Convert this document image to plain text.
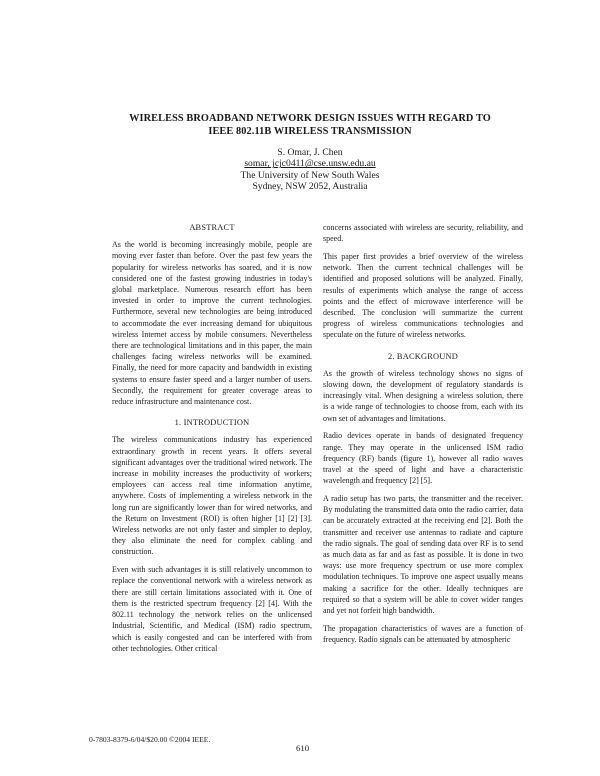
WIRELESS BROADBAND NETWORK DESIGN ISSUES WITH REGARD TO
IEEE 802.11B WIRELESS TRANSMISSION
S. Omar, J. Chen
somar, jcjc0411@cse.unsw.edu.au
The University of New South Wales
Sydney, NSW 2052, Australia
ABSTRACT

As the world is becoming increasingly mobile, people are moving ever faster than before. Over the past few years the popularity for wireless networks has soared, and it is now considered one of the fastest growing industries in today's global marketplace. Numerous research effort has been invested in order to improve the current technologies. Furthermore, several new technologies are being introduced to accommodate the ever increasing demand for ubiquitous wireless Internet access by mobile consumers. Nevertheless there are technological limitations and in this paper, the main challenges facing wireless networks will be examined. Finally, the need for more capacity and bandwidth in existing systems to ensure faster speed and a larger number of users. Secondly, the requirement for greater coverage areas to reduce infrastructure and maintenance cost.

1. INTRODUCTION

The wireless communications industry has experienced extraordinary growth in recent years. It offers several significant advantages over the traditional wired network. The increase in mobility increases the productivity of workers; employees can access real time information anytime, anywhere. Costs of implementing a wireless network in the long run are significantly lower than for wired networks, and the Return on Investment (ROI) is often higher [1] [2] [3]. Wireless networks are not only faster and simpler to deploy, they also eliminate the need for complex cabling and construction.

Even with such advantages it is still relatively uncommon to replace the conventional network with a wireless network as there are still certain limitations associated with it. One of them is the restricted spectrum frequency [2] [4]. With the 802.11 technology the network relies on the unlicensed Industrial, Scientific, and Medical (ISM) radio spectrum, which is easily congested and can be interfered with from other technologies. Other critical

concerns associated with wireless are security, reliability, and speed.

This paper first provides a brief overview of the wireless network. Then the current technical challenges will be identified and proposed solutions will be analyzed. Finally, results of experiments which analyse the range of access points and the effect of microwave interference will be described. The conclusion will summarize the current progress of wireless communications technologies and speculate on the future of wireless networks.

2. BACKGROUND

As the growth of wireless technology shows no signs of slowing down, the development of regulatory standards is increasingly vital. When designing a wireless solution, there is a wide range of technologies to choose from, each with its own set of advantages and limitations.

Radio devices operate in bands of designated frequency range. They may operate in the unlicensed ISM radio frequency (RF) bands (figure 1), however all radio waves travel at the speed of light and have a characteristic wavelength and frequency [2] [5].

A radio setup has two parts, the transmitter and the receiver. By modulating the transmitted data onto the radio carrier, data can be accurately extracted at the receiving end [2]. Both the transmitter and receiver use antennas to radiate and capture the radio signals. The goal of sending data over RF is to send as much data as far and as fast as possible. It is done in two ways: use more frequency spectrum or use more complex modulation techniques. To improve one aspect usually means making a sacrifice for the other. Ideally techniques are required so that a system will be able to cover wider ranges and yet not forfeit high bandwidth.

The propagation characteristics of waves are a function of frequency. Radio signals can be attenuated by atmospheric

0-7803-8379-6/04/$20.00 ©2004 IEEE.
610
